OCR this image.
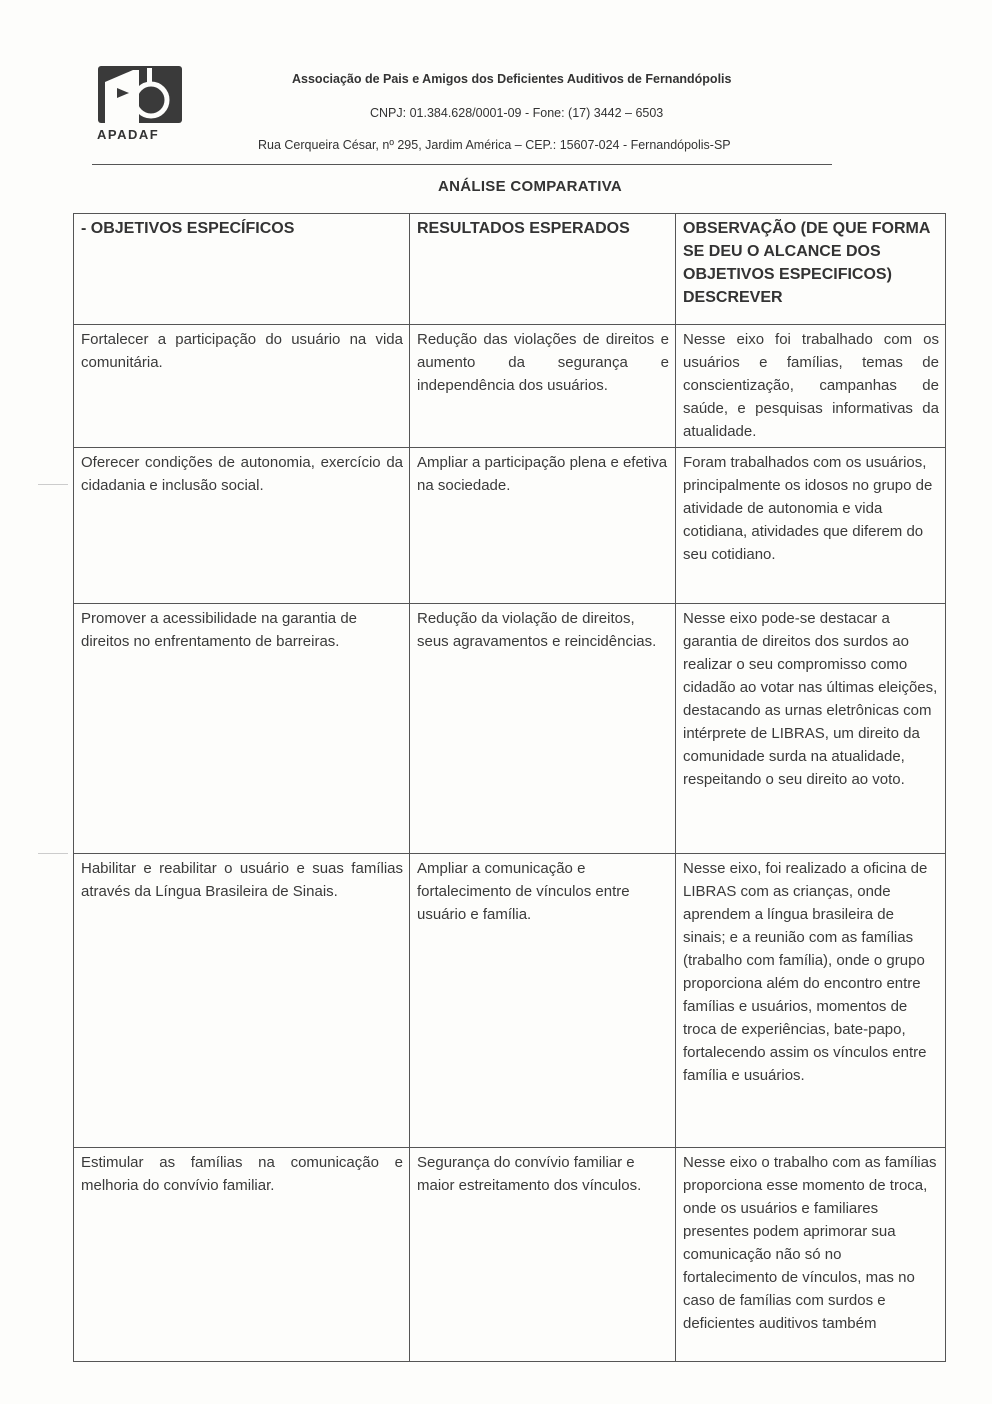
APADAF
Associação de Pais e Amigos dos Deficientes Auditivos de Fernandópolis
CNPJ: 01.384.628/0001-09 - Fone: (17) 3442 – 6503
Rua Cerqueira César, nº 295, Jardim América – CEP.: 15607-024 - Fernandópolis-SP
ANÁLISE COMPARATIVA
- OBJETIVOS ESPECÍFICOS	RESULTADOS ESPERADOS	OBSERVAÇÃO (DE QUE FORMA SE DEU O ALCANCE DOS OBJETIVOS ESPECIFICOS) DESCREVER
Fortalecer a participação do usuário na vida comunitária.	Redução das violações de direitos e aumento da segurança e independência dos usuários.	Nesse eixo foi trabalhado com os usuários e famílias, temas de conscientização, campanhas de saúde, e pesquisas informativas da atualidade.
Oferecer condições de autonomia, exercício da cidadania e inclusão social.	Ampliar a participação plena e efetiva na sociedade.	Foram trabalhados com os usuários, principalmente os idosos no grupo de atividade de autonomia e vida cotidiana, atividades que diferem do seu cotidiano.
Promover a acessibilidade na garantia de direitos no enfrentamento de barreiras.	Redução da violação de direitos, seus agravamentos e reincidências.	Nesse eixo pode-se destacar a garantia de direitos dos surdos ao realizar o seu compromisso como cidadão ao votar nas últimas eleições, destacando as urnas eletrônicas com intérprete de LIBRAS, um direito da comunidade surda na atualidade, respeitando o seu direito ao voto.
Habilitar e reabilitar o usuário e suas famílias através da Língua Brasileira de Sinais.	Ampliar a comunicação e fortalecimento de vínculos entre usuário e família.	Nesse eixo, foi realizado a oficina de LIBRAS com as crianças, onde aprendem a língua brasileira de sinais; e a reunião com as famílias (trabalho com família), onde o grupo proporciona além do encontro entre famílias e usuários, momentos de troca de experiências, bate-papo, fortalecendo assim os vínculos entre família e usuários.
Estimular as famílias na comunicação e melhoria do convívio familiar.	Segurança do convívio familiar e maior estreitamento dos vínculos.	Nesse eixo o trabalho com as famílias proporciona esse momento de troca, onde os usuários e familiares presentes podem aprimorar sua comunicação não só no fortalecimento de vínculos, mas no caso de famílias com surdos e deficientes auditivos também
